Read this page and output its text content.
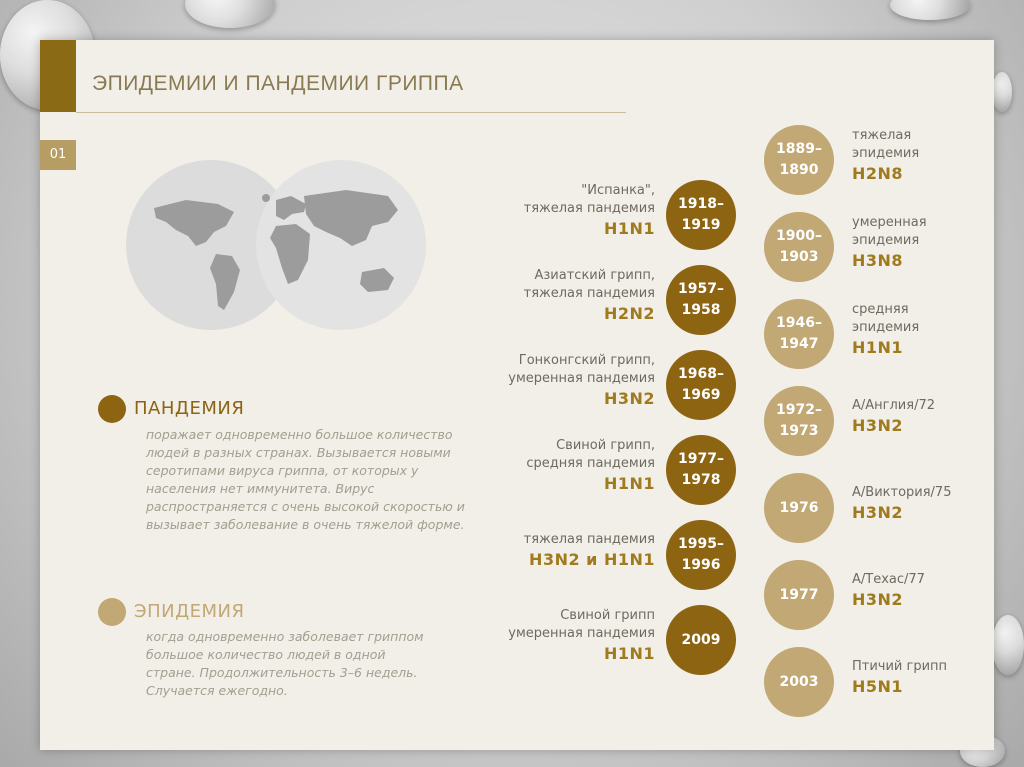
ЭПИДЕМИИ И ПАНДЕМИИ ГРИППА
01
ПАНДЕМИЯ
поражает одновременно большое количество людей в разных странах. Вызывается новыми серотипами вируса гриппа, от которых у населения нет иммунитета. Вирус распространяется с очень высокой скоростью и вызывает заболевание в очень тяжелой форме.
ЭПИДЕМИЯ
когда одновременно заболевает гриппом большое количество людей в одной стране. Продолжительность 3–6 недель. Случается ежегодно.
1918–
1919
"Испанка",
тяжелая пандемия
H1N1
1957–
1958
Азиатский грипп,
тяжелая пандемия
H2N2
1968–
1969
Гонконгский грипп,
умеренная пандемия
H3N2
1977–
1978
Свиной грипп,
средняя пандемия
H1N1
1995–
1996
тяжелая пандемия
H3N2 и H1N1
2009
Свиной грипп
умеренная пандемия
H1N1
1889–
1890
тяжелая
эпидемия
H2N8
1900–
1903
умеренная
эпидемия
H3N8
1946–
1947
средняя
эпидемия
H1N1
1972–
1973
А/Англия/72
H3N2
1976
А/Виктория/75
H3N2
1977
А/Техас/77
H3N2
2003
Птичий грипп
H5N1
